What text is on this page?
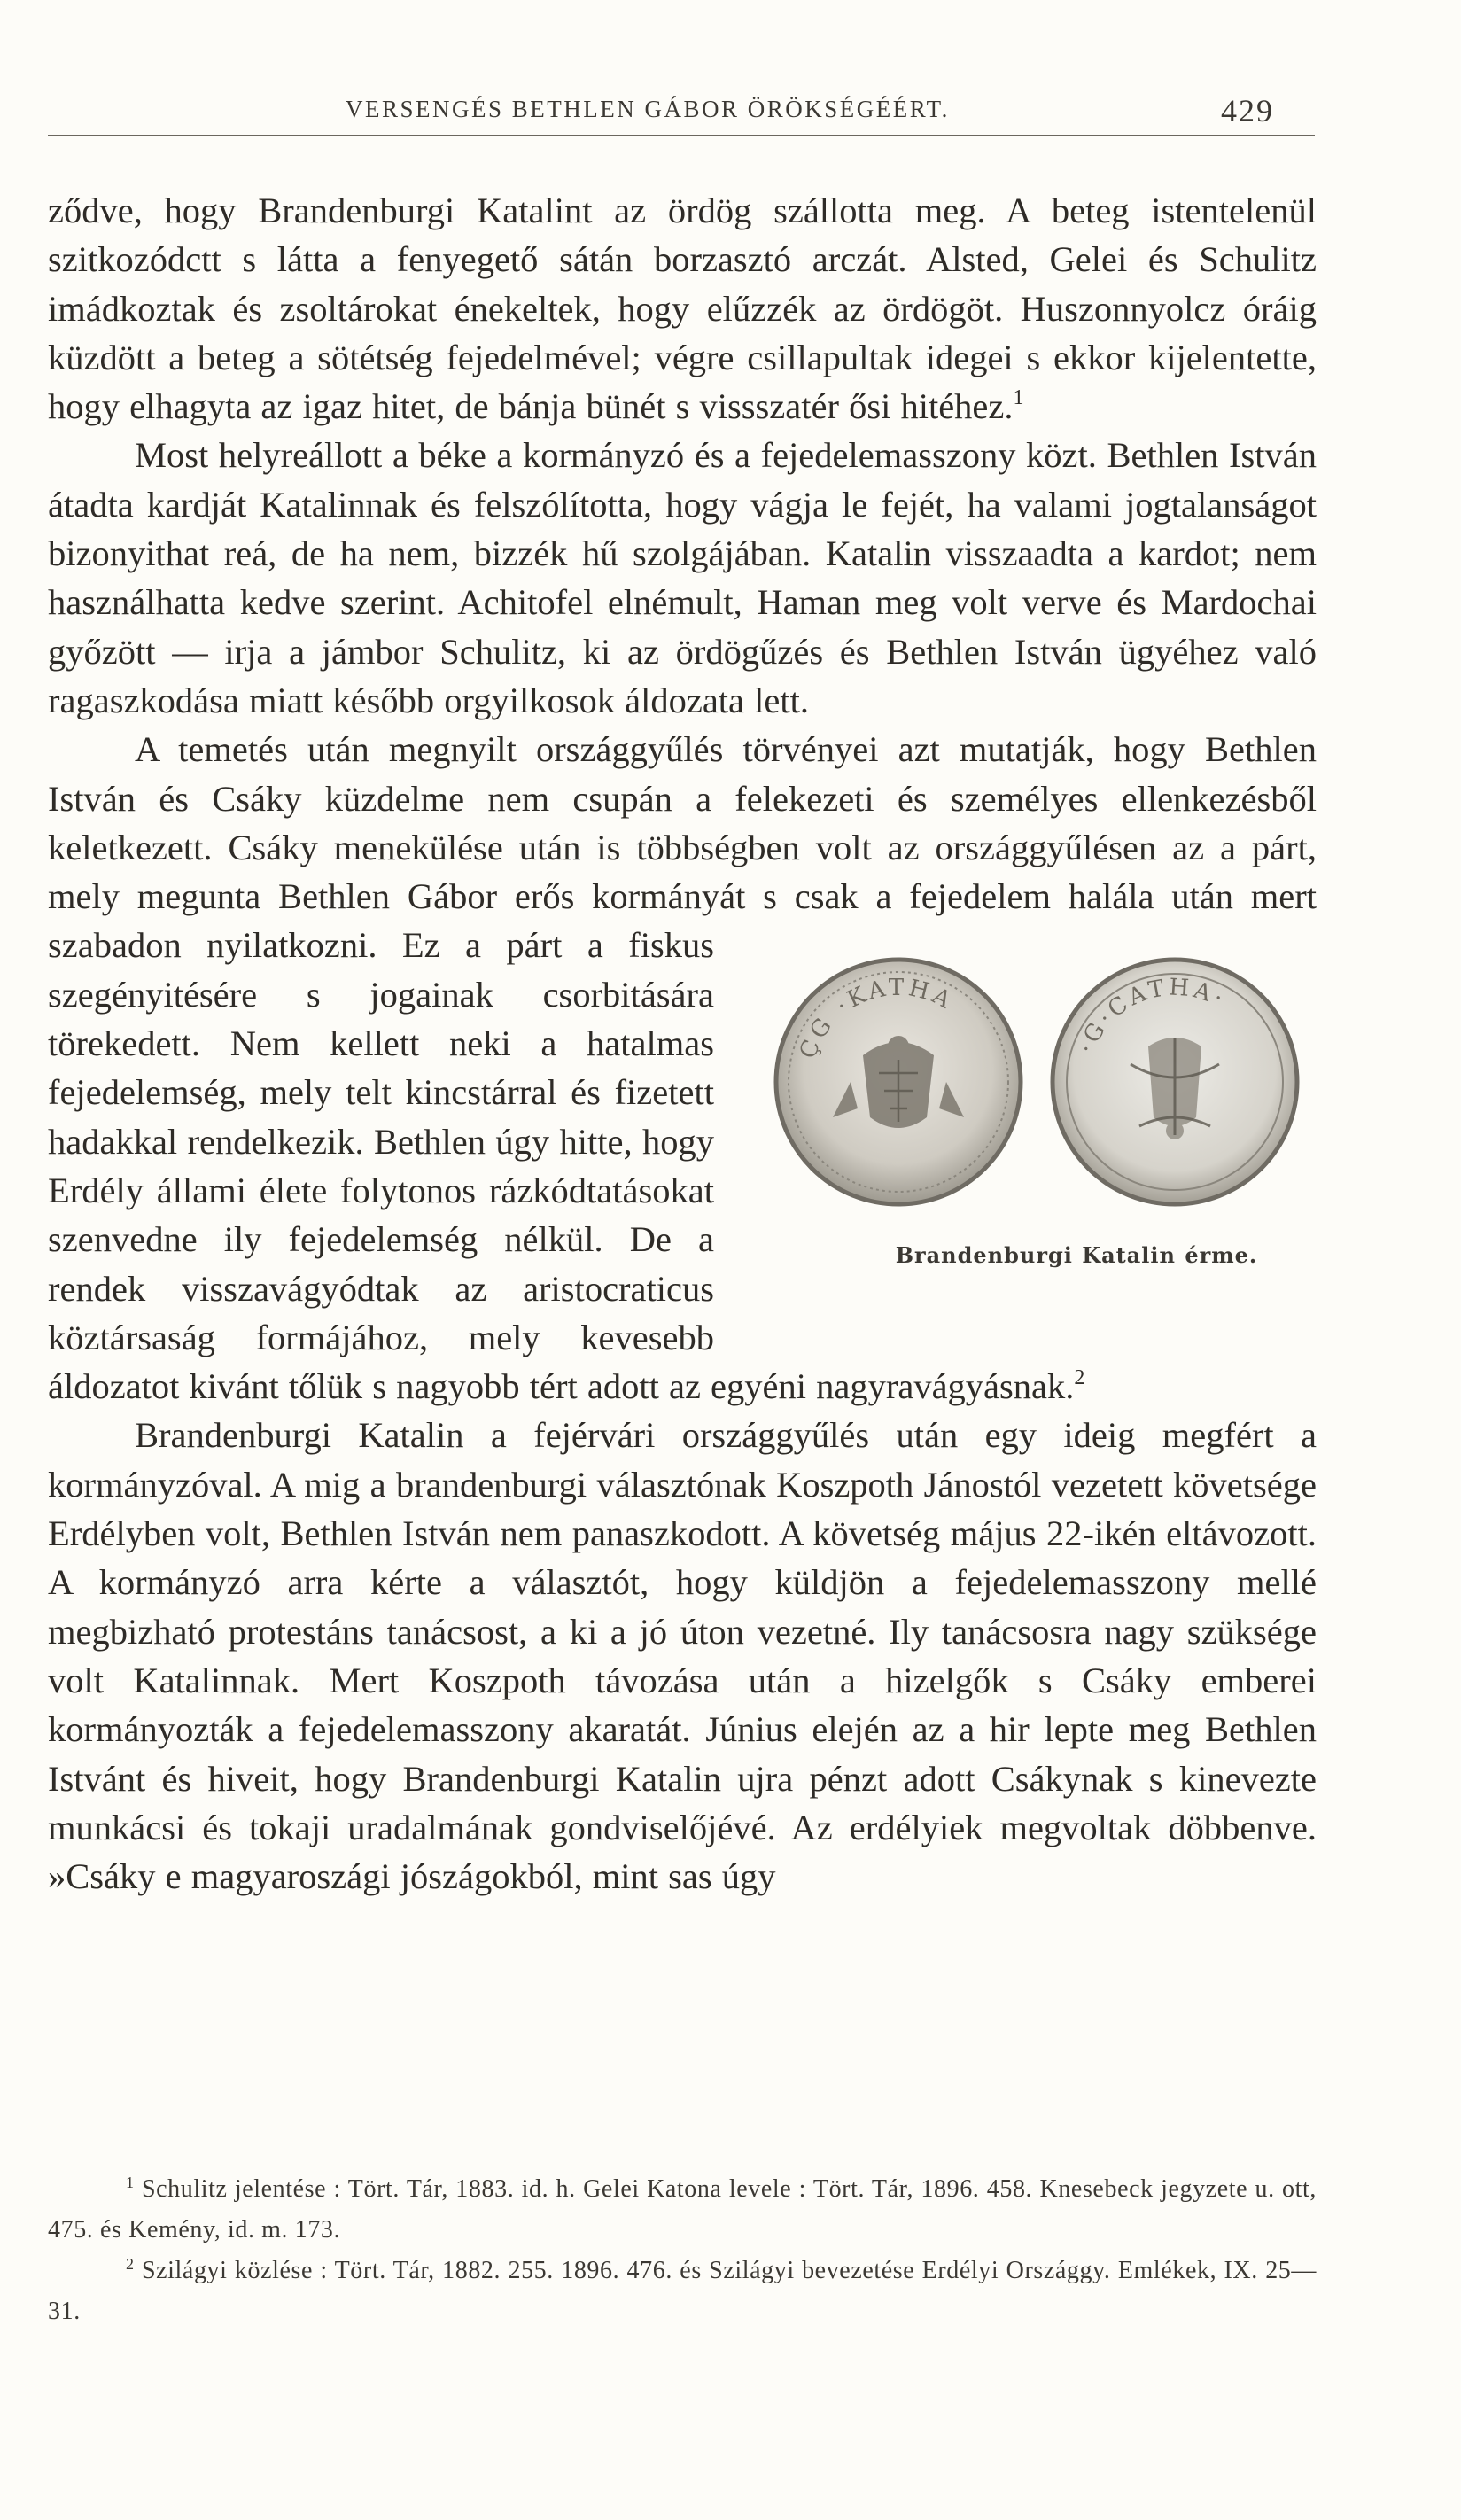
VERSENGÉS BETHLEN GÁBOR ÖRÖKSÉGÉÉRT.	429

ződve, hogy Brandenburgi Katalint az ördög szállotta meg. A beteg istentelenül szitkozódctt s látta a fenyegető sátán borzasztó arczát. Alsted, Gelei és Schulitz imádkoztak és zsoltárokat énekeltek, hogy elűzzék az ördögöt. Huszonnyolcz óráig küzdött a beteg a sötétség fejedelmével; végre csillapultak idegei s ekkor kijelentette, hogy elhagyta az igaz hitet, de bánja bünét s vissszatér ősi hitéhez.$^1$

Most helyreállott a béke a kormányzó és a fejedelemasszony közt. Bethlen István átadta kardját Katalinnak és felszólította, hogy vágja le fejét, ha valami jogtalanságot bizonyithat reá, de ha nem, bizzék hű szolgájában. Katalin visszaadta a kardot; nem használhatta kedve szerint. Achitofel elnémult, Haman meg volt verve és Mardochai győzött — irja a jámbor Schulitz, ki az ördögűzés és Bethlen István ügyéhez való ragaszkodása miatt később orgyilkosok áldozata lett.

A temetés után megnyilt országgyűlés törvényei azt mutatják, hogy Bethlen István és Csáky küzdelme nem csupán a felekezeti és személyes ellenkezésből keletkezett. Csáky menekülése után is többségben volt az országgyűlésen az a párt, mely megunta Bethlen Gábor erős kormányát s csak a
ÇG ·KATHA
·G·CATHA·
Brandenburgi Katalin érme.
fejedelem halála után mert szabadon nyilatkozni. Ez a párt a fiskus szegényitésére s jogainak csorbitására törekedett. Nem kellett neki a hatalmas fejedelemség, mely telt kincstárral és fizetett hadakkal rendelkezik. Bethlen úgy hitte, hogy Erdély állami élete folytonos rázkódtatásokat szenvedne ily fejedelemség nélkül. De a rendek visszavágyódtak az aristocraticus köztársaság formájához, mely kevesebb áldozatot kivánt tőlük s nagyobb tért adott az egyéni nagyravágyásnak.$^2$

Brandenburgi Katalin a fejérvári országgyűlés után egy ideig megfért a kormányzóval. A mig a brandenburgi választónak Koszpoth Jánostól vezetett követsége Erdélyben volt, Bethlen István nem panaszkodott. A követség május 22-ikén eltávozott. A kormányzó arra kérte a választót, hogy küldjön a fejedelemasszony mellé megbizható protestáns tanácsost, a ki a jó úton vezetné. Ily tanácsosra nagy szüksége volt Katalinnak. Mert Koszpoth távozása után a hizelgők s Csáky emberei kormányozták a fejedelemasszony akaratát. Június elején az a hir lepte meg Bethlen Istvánt és hiveit, hogy Brandenburgi Katalin ujra pénzt adott Csákynak s kinevezte munkácsi és tokaji uradalmának gondviselőjévé. Az erdélyiek megvoltak döbbenve. »Csáky e magyaroszági jószágokból, mint sas úgy

$^1$ Schulitz jelentése : Tört. Tár, 1883. id. h. Gelei Katona levele : Tört. Tár, 1896. 458. Knesebeck jegyzete u. ott, 475. és Kemény, id. m. 173.

$^2$ Szilágyi közlése : Tört. Tár, 1882. 255. 1896. 476. és Szilágyi bevezetése Erdélyi Országgy. Emlékek, IX. 25—31.
